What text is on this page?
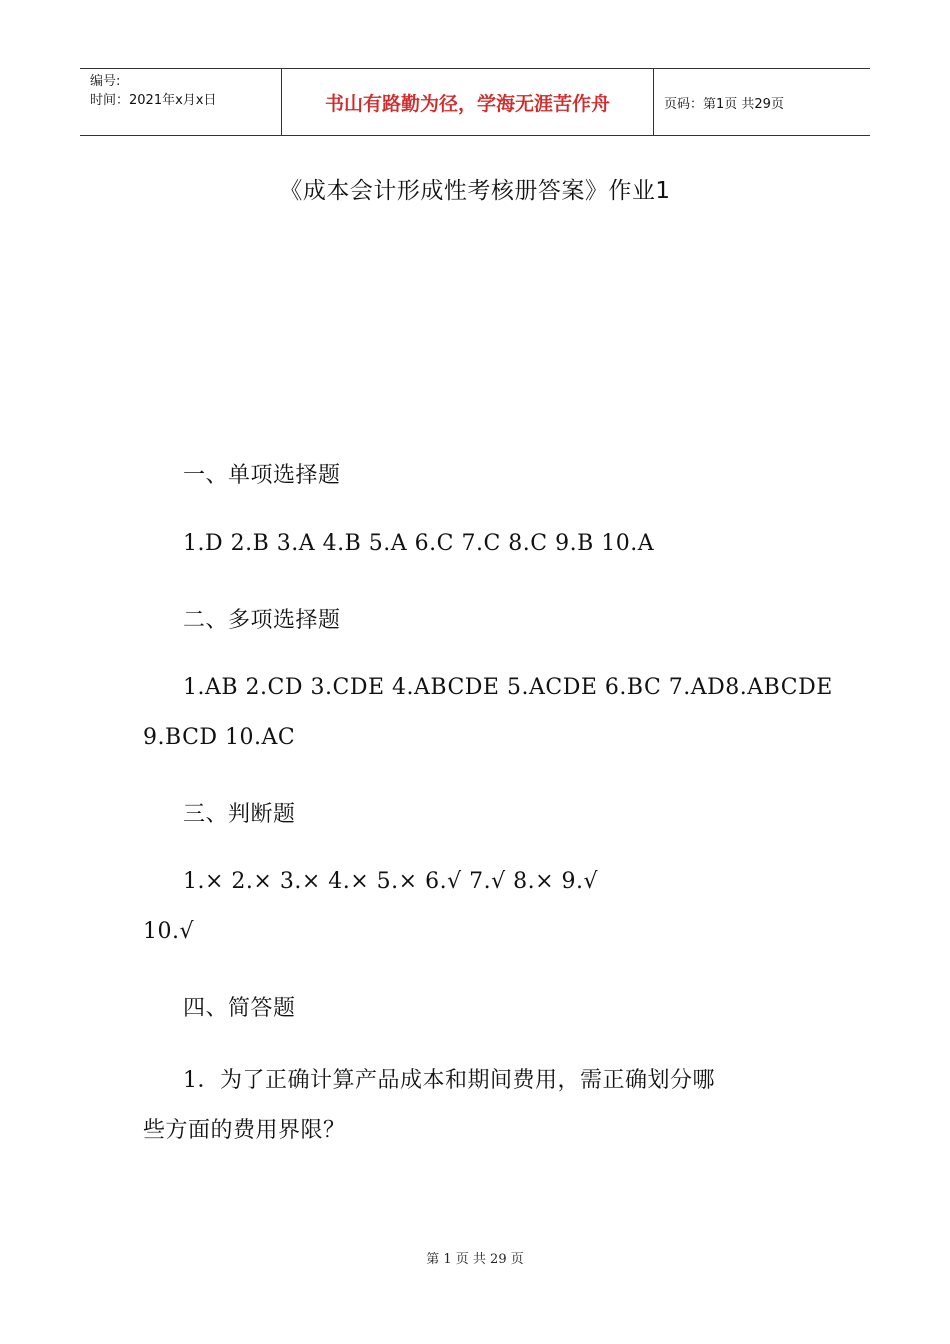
编号:
时间：2021年x月x日	书山有路勤为径，学海无涯苦作舟	页码：第1页 共29页
《成本会计形成性考核册答案》作业1
一、单项选择题
1.D 2.B 3.A 4.B 5.A 6.C 7.C 8.C 9.B 10.A
二、多项选择题
1.AB 2.CD 3.CDE 4.ABCDE 5.ACDE 6.BC 7.AD8.ABCDE
9.BCD 10.AC
三、判断题
1.× 2.× 3.× 4.× 5.× 6.√ 7.√ 8.× 9.√
10.√
四、简答题
1．为了正确计算产品成本和期间费用，需正确划分哪
些方面的费用界限？
第 1 页 共 29 页
